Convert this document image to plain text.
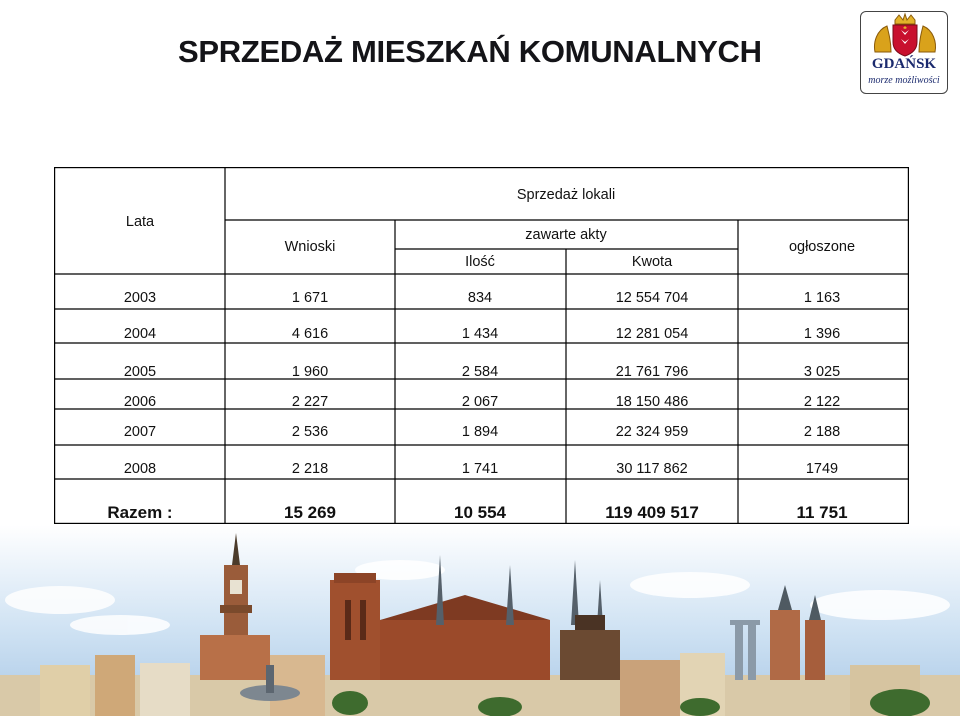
SPRZEDAŻ MIESZKAŃ KOMUNALNYCH	GDAŃSK
morze możliwości
Lata
Sprzedaż lokali
Wnioski
zawarte akty
Ilość	Kwota
ogłoszone
2003	1 671	834	12 554 704	1 163
2004	4 616	1 434	12 281 054	1 396
2005	1 960	2 584	21 761 796	3 025
2006	2 227	2 067	18 150 486	2 122
2007	2 536	1 894	22 324 959	2 188
2008	2 218	1 741	30 117 862	1749
Razem :	15 269	10 554	119 409 517	11 751
